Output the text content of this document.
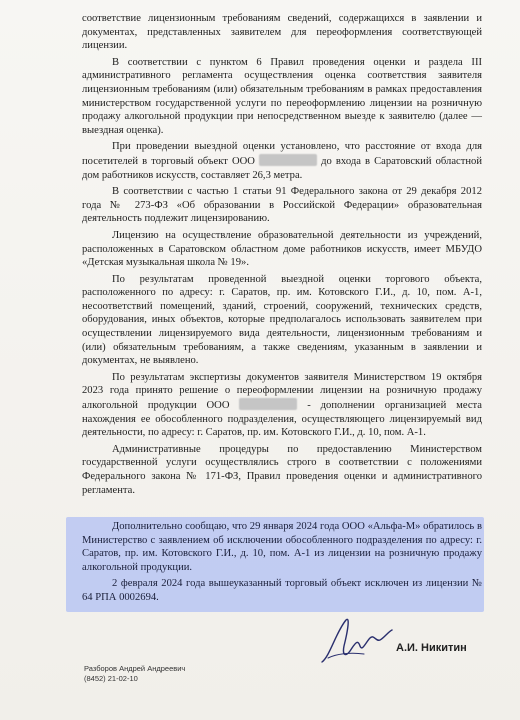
соответствие лицензионным требованиям сведений, содержащихся в заявлении и документах, представленных заявителем для переоформления соответствующей лицензии.

В соответствии с пунктом 6 Правил проведения оценки и раздела III административного регламента осуществления оценка соответствия заявителя лицензионным требованиям (или) обязательным требованиям в рамках предоставления министерством государственной услуги по переоформлению лицензии на розничную продажу алкогольной продукции при непосредственном выезде к заявителю (далее — выездная оценка).

При проведении выездной оценки установлено, что расстояние от входа для посетителей в торговый объект ООО	до входа в Саратовский областной дом работников искусств, составляет 26,3 метра.

В соответствии с частью 1 статьи 91 Федерального закона от 29 декабря 2012 года № 273-ФЗ «Об образовании в Российской Федерации» образовательная деятельность подлежит лицензированию.

Лицензию на осуществление образовательной деятельности из учреждений, расположенных в Саратовском областном доме работников искусств, имеет МБУДО «Детская музыкальная школа № 19».

По результатам проведенной выездной оценки торгового объекта, расположенного по адресу: г. Саратов, пр. им. Котовского Г.И., д. 10, пом. А-1, несоответствий помещений, зданий, строений, сооружений, технических средств, оборудования, иных объектов, которые предполагалось использовать заявителем при осуществлении лицензируемого вида деятельности, лицензионным требованиям и (или) обязательным требованиям, а также сведениям, указанным в заявлении и документах, не выявлено.

По результатам экспертизы документов заявителя Министерством 19 октября 2023 года принято решение о переоформлении лицензии на розничную продажу алкогольной продукции ООО	- дополнении организацией места нахождения ее обособленного подразделения, осуществляющего лицензируемый вид деятельности, по адресу: г. Саратов, пр. им. Котовского Г.И., д. 10, пом. А-1.

Административные процедуры по предоставлению Министерством государственной услуги осуществлялись строго в соответствии с положениями Федерального закона № 171-ФЗ, Правил проведения оценки и административного регламента.

Дополнительно сообщаю, что 29 января 2024 года ООО «Альфа-М» обратилось в Министерство с заявлением об исключении обособленного подразделения по адресу: г. Саратов, пр. им. Котовского Г.И., д. 10, пом. А-1 из лицензии на розничную продажу алкогольной продукции.

2 февраля 2024 года вышеуказанный торговый объект исключен из лицензии № 64 РПА 0002694.

А.И. Никитин
Разборов Андрей Андреевич
(8452) 21-02-10
